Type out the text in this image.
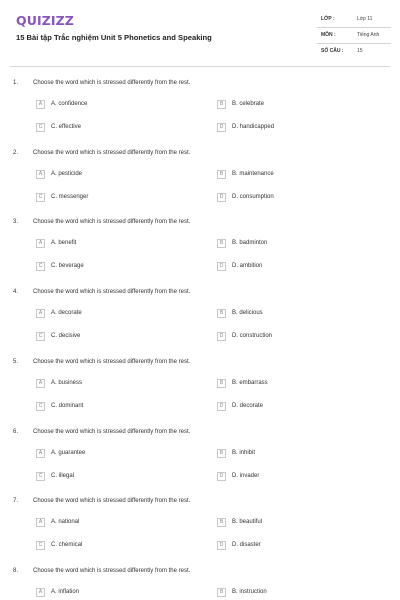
QUIZIZZ
15 Bài tập Trắc nghiệm Unit 5 Phonetics and Speaking
LỚP :	Lớp 11
MÔN :	Tiếng Anh
SỐ CÂU :	15
1. Choose the word which is stressed differently from the rest.
A	A. confidence	B	B. celebrate
C	C. effective	D	D. handicapped
2. Choose the word which is stressed differently from the rest.
A	A. pesticide	B	B. maintenance
C	C. messenger	D	D. consumption
3. Choose the word which is stressed differently from the rest.
A	A. benefit	B	B. badminton
C	C. beverage	D	D. ambition
4. Choose the word which is stressed differently from the rest.
A	A. decorate	B	B. delicious
C	C. decisive	D	D. construction
5. Choose the word which is stressed differently from the rest.
A	A. business	B	B. embarrass
C	C. dominant	D	D. decorate
6. Choose the word which is stressed differently from the rest.
A	A. guarantee	B	B. inhibit
C	C. illegal	D	D. invader
7. Choose the word which is stressed differently from the rest.
A	A. national	B	B. beautiful
C	C. chemical	D	D. disaster
8. Choose the word which is stressed differently from the rest.
A	A. inflation	B	B. instruction
